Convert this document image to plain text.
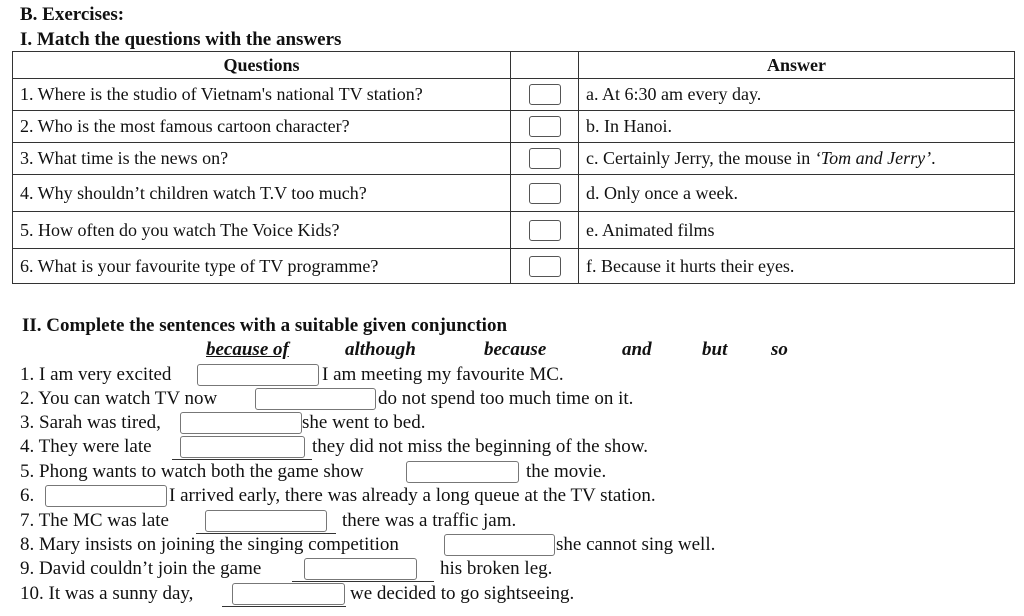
B. Exercises:
I. Match the questions with the answers
Questions		Answer
1. Where is the studio of Vietnam's national TV station?		a. At 6:30 am every day.
2. Who is the most famous cartoon character?		b. In Hanoi.
3. What time is the news on?		c. Certainly Jerry, the mouse in ‘Tom and Jerry’.
4. Why shouldn’t children watch T.V too much?		d. Only once a week.
5. How often do you watch The Voice Kids?		e. Animated films
6. What is your favourite type of TV programme?		f. Because it hurts their eyes.
II. Complete the sentences with a suitable given conjunction
because of	although	because	and	but so
1. I am very excited	I am meeting my favourite MC.
2. You can watch TV now	do not spend too much time on it.
3. Sarah was tired,	she went to bed.
4. They were late	they did not miss the beginning of the show.
5. Phong wants to watch both the game show	the movie.
6.	I arrived early, there was already a long queue at the TV station.
7. The MC was late	there was a traffic jam.
8. Mary insists on joining the singing competition	she cannot sing well.
9. David couldn’t join the game	his broken leg.
10. It was a sunny day,	we decided to go sightseeing.
